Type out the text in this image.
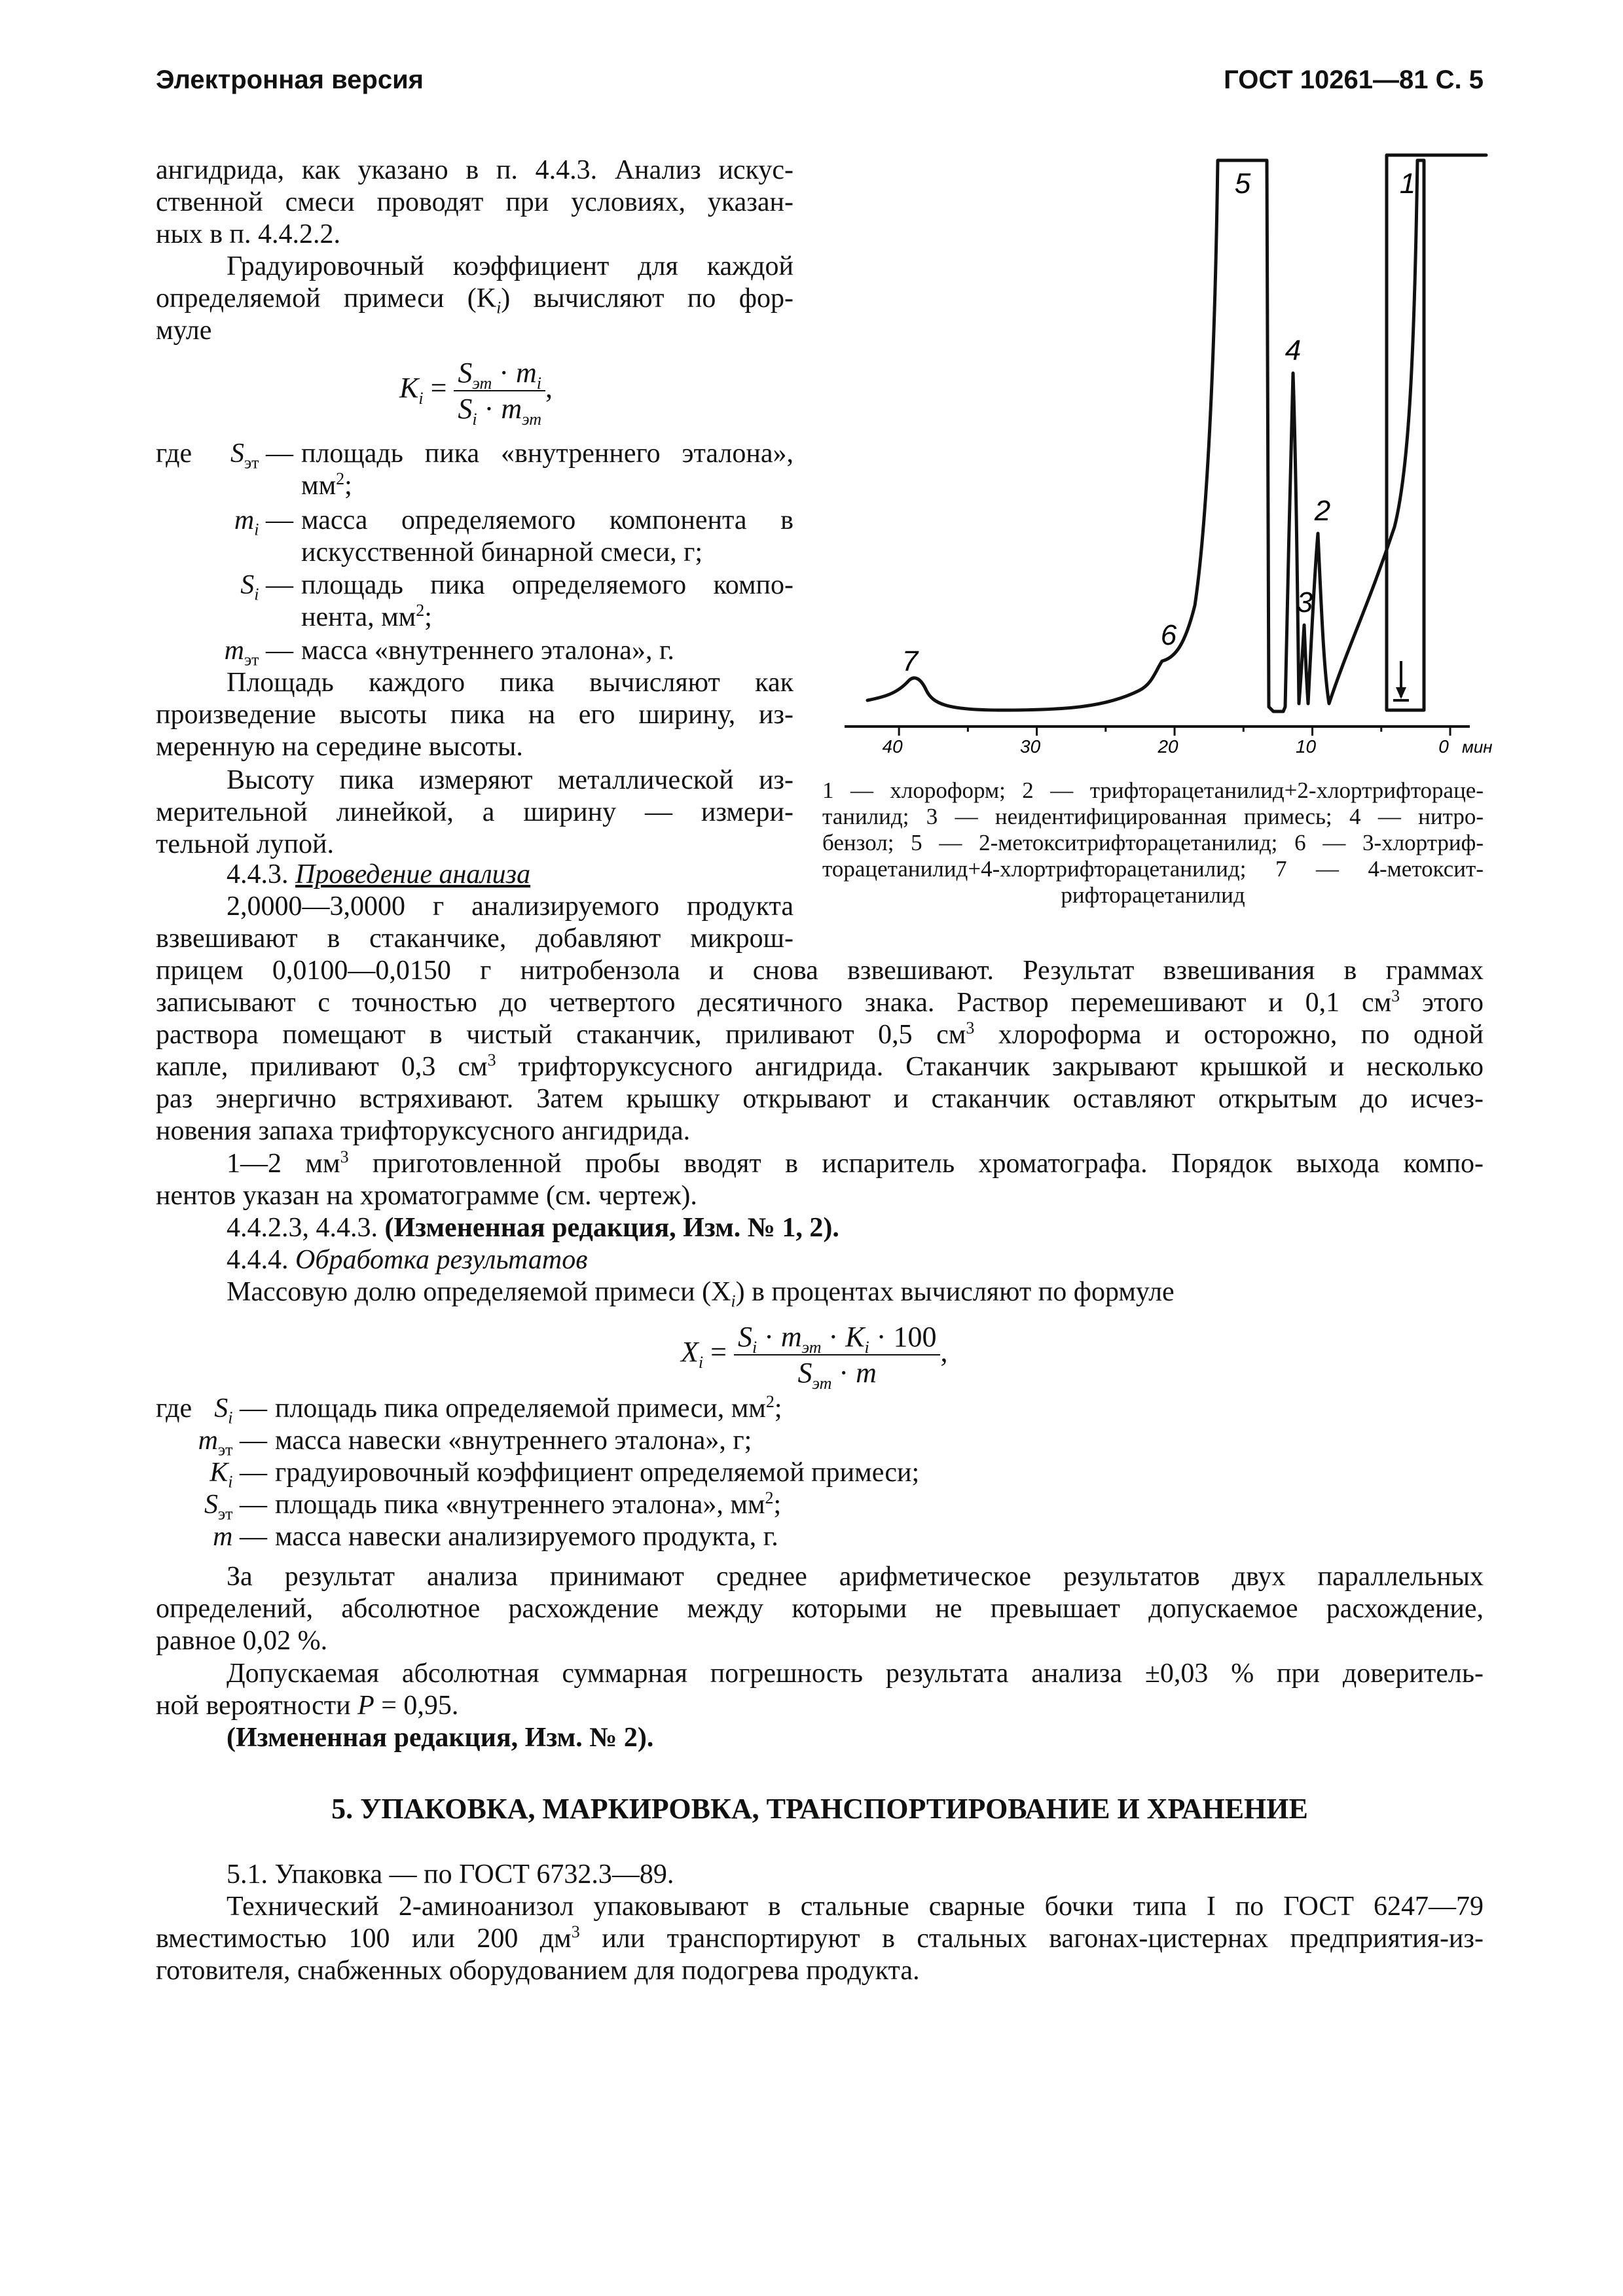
Электронная версия	ГОСТ 10261—81 С. 5
ангидрида, как указано в п. 4.4.3. Анализ искус-
ственной смеси проводят при условиях, указан-
ных в п. 4.4.2.2.
Градуировочный коэффициент для каждой
определяемой примеси $(K_i)$ вычисляют по фор-
муле
$K_i = \frac{S_{эт} \cdot m_i}{S_i \cdot m_{эт}}$ ,
где	$S_{эт}$ — площадь пика «внутреннего эталона»,
$мм^2$;
$m_i$ — масса определяемого компонента в
искусственной бинарной смеси, г;
$S_i$ — площадь пика определяемого компо-
нента, $мм^2$;
$m_{эт}$ — масса «внутреннего эталона», г.
Площадь каждого пика вычисляют как
произведение высоты пика на его ширину, из-
меренную на середине высоты.
Высоту пика измеряют металлической из-
мерительной линейкой, а ширину — измери-
тельной лупой.
4.4.3. Проведение анализа
2,0000—3,0000 г анализируемого продукта
взвешивают в стаканчике, добавляют микрош-
40	30	20	10	0 мин
7
6
5
4
3
2
1
1 — хлороформ; 2 — трифторацетанилид+2-хлортрифторацe-
танилид; 3 — неидентифицированная примесь; 4 — нитро-
бензол; 5 — 2-метокситрифторацетанилид; 6 — 3-хлортриф-
торацетанилид+4-хлортрифторацетанилид; 7 — 4-метоксит-
рифторацетанилид
прицем 0,0100—0,0150 г нитробензола и снова взвешивают. Результат взвешивания в граммах
записывают с точностью до четвертого десятичного знака. Раствор перемешивают и 0,1 $см^3$ этого
раствора помещают в чистый стаканчик, приливают 0,5 $см^3$ хлороформа и осторожно, по одной
капле, приливают 0,3 $см^3$ трифторуксусного ангидрида. Стаканчик закрывают крышкой и несколько
раз энергично встряхивают. Затем крышку открывают и стаканчик оставляют открытым до исчез-
новения запаха трифторуксусного ангидрида.
1—2 $мм^3$ приготовленной пробы вводят в испаритель хроматографа. Порядок выхода компо-
нентов указан на хроматограмме (см. чертеж).
4.4.2.3, 4.4.3. (Измененная редакция, Изм. № 1, 2).
4.4.4. Обработка результатов
Массовую долю определяемой примеси $(X_i)$ в процентах вычисляют по формуле
$X_i = \frac{S_i \cdot m_{эт} \cdot K_i \cdot 100}{S_{эт} \cdot m}$ ,
где $S_i$ — площадь пика определяемой примеси, $мм^2$;
$m_{эт}$ — масса навески «внутреннего эталона», г;
$K_i$ — градуировочный коэффициент определяемой примеси;
$S_{эт}$ — площадь пика «внутреннего эталона», $мм^2$;
m — масса навески анализируемого продукта, г.
За результат анализа принимают среднее арифметическое результатов двух параллельных
определений, абсолютное расхождение между которыми не превышает допускаемое расхождение,
равное 0,02 %.
Допускаемая абсолютная суммарная погрешность результата анализа ±0,03 % при доверитель-
ной вероятности P = 0,95.
(Измененная редакция, Изм. № 2).
5. УПАКОВКА, МАРКИРОВКА, ТРАНСПОРТИРОВАНИЕ И ХРАНЕНИЕ
5.1. Упаковка — по ГОСТ 6732.3—89.
Технический 2-аминоанизол упаковывают в стальные сварные бочки типа I по ГОСТ 6247—79
вместимостью 100 или 200 $дм^3$ или транспортируют в стальных вагонах-цистернах предприятия-из-
готовителя, снабженных оборудованием для подогрева продукта.
